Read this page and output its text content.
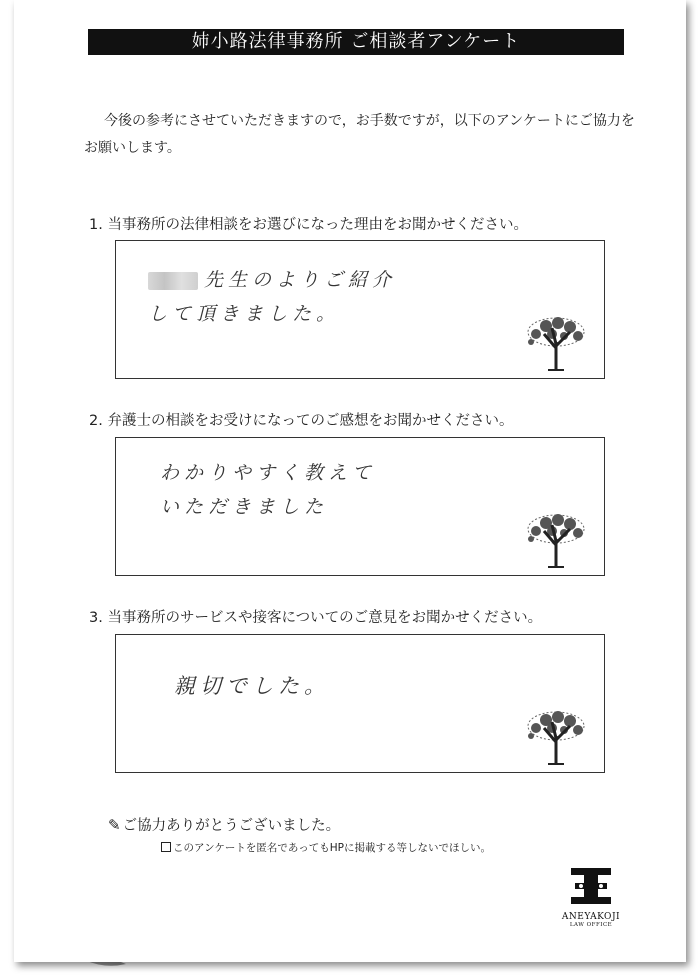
姉小路法律事務所 ご相談者アンケート
今後の参考にさせていただきますので，お手数ですが，以下のアンケートにご協力をお願いします。
1. 当事務所の法律相談をお選びになった理由をお聞かせください。
先生のよりご紹介
して頂きました。
2. 弁護士の相談をお受けになってのご感想をお聞かせください。
わかりやすく教えて
いただきました
3. 当事務所のサービスや接客についてのご意見をお聞かせください。
親切でした。
✎ ご協力ありがとうございました。
このアンケートを匿名であってもHPに掲載する等しないでほしい。
ANEYAKOJI
LAW OFFICE
